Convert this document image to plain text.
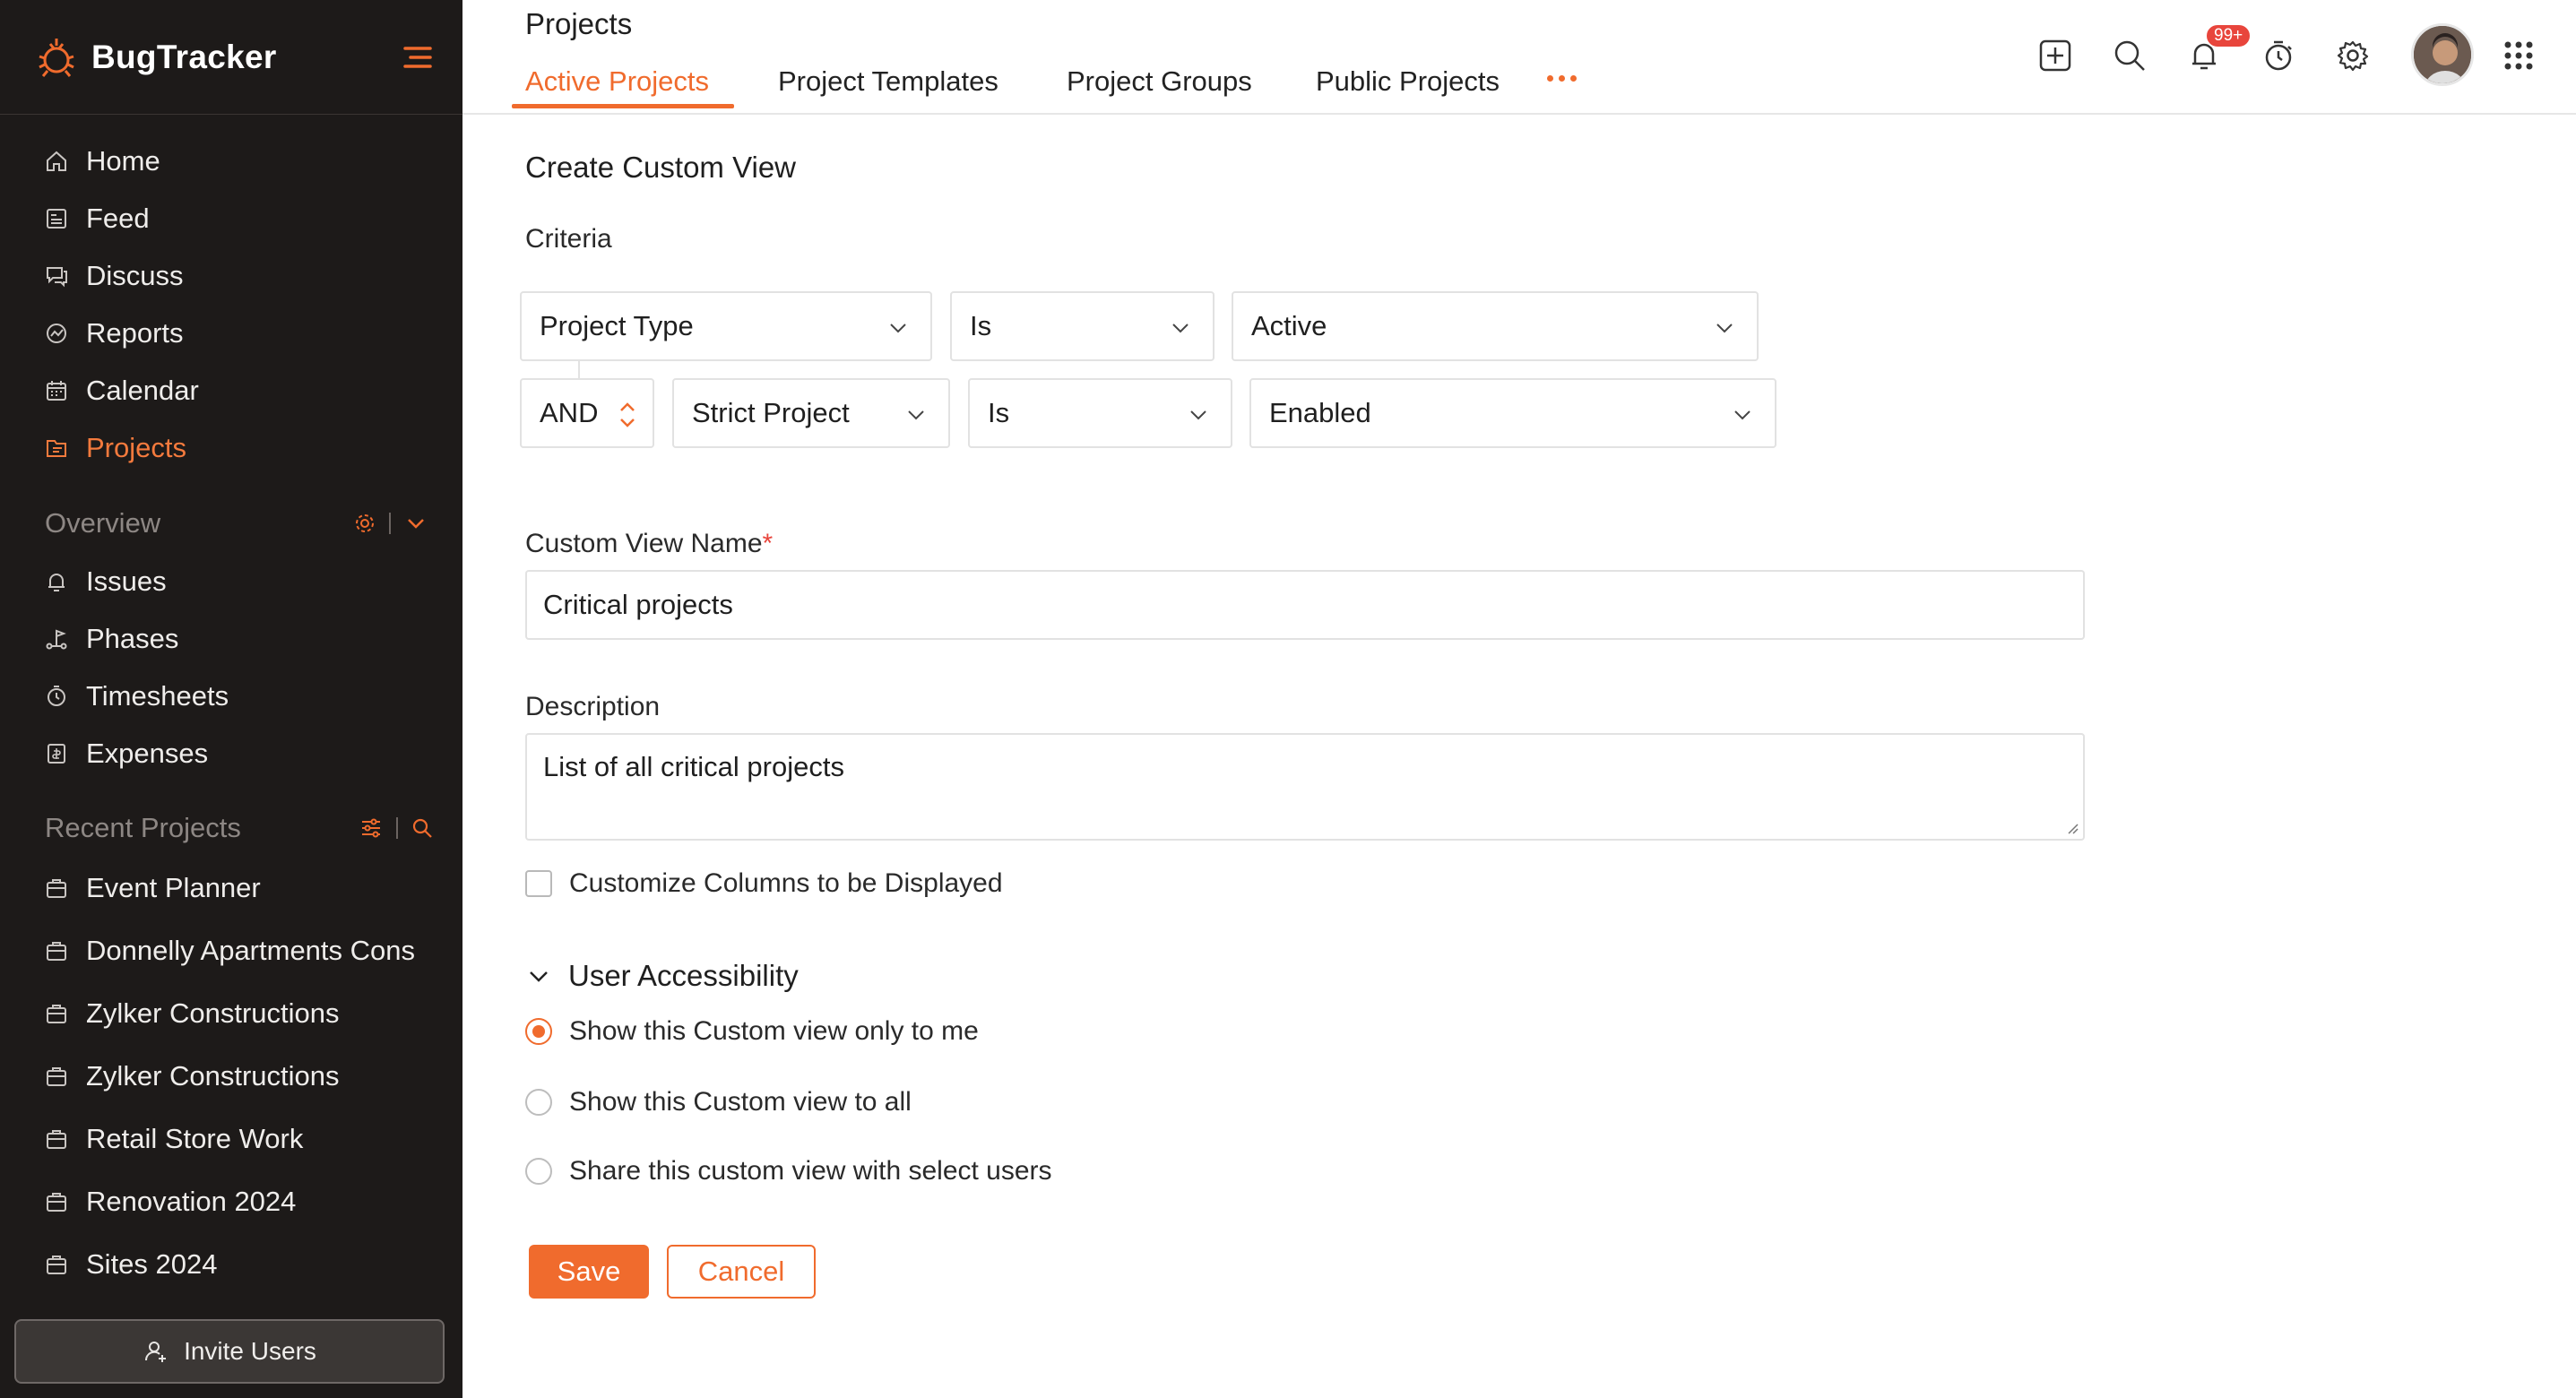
BugTracker
Home
Feed
Discuss
Reports
Calendar
Projects
Overview
Issues
Phases
Timesheets
Expenses
Recent Projects
Invite Users
Event Planner
Donnelly Apartments Cons
Zylker Constructions
Zylker Constructions
Retail Store Work
Renovation 2024
Sites 2024
Projects
Active Projects Project Templates Project Groups Public Projects
99+
Create Custom View
Criteria
Project Type	Is	Active
AND	Strict Project	Is	Enabled
Custom View Name*
Critical projects
Description
List of all critical projects
Customize Columns to be Displayed
User Accessibility
Show this Custom view only to me
Show this Custom view to all
Share this custom view with select users
Save	Cancel
